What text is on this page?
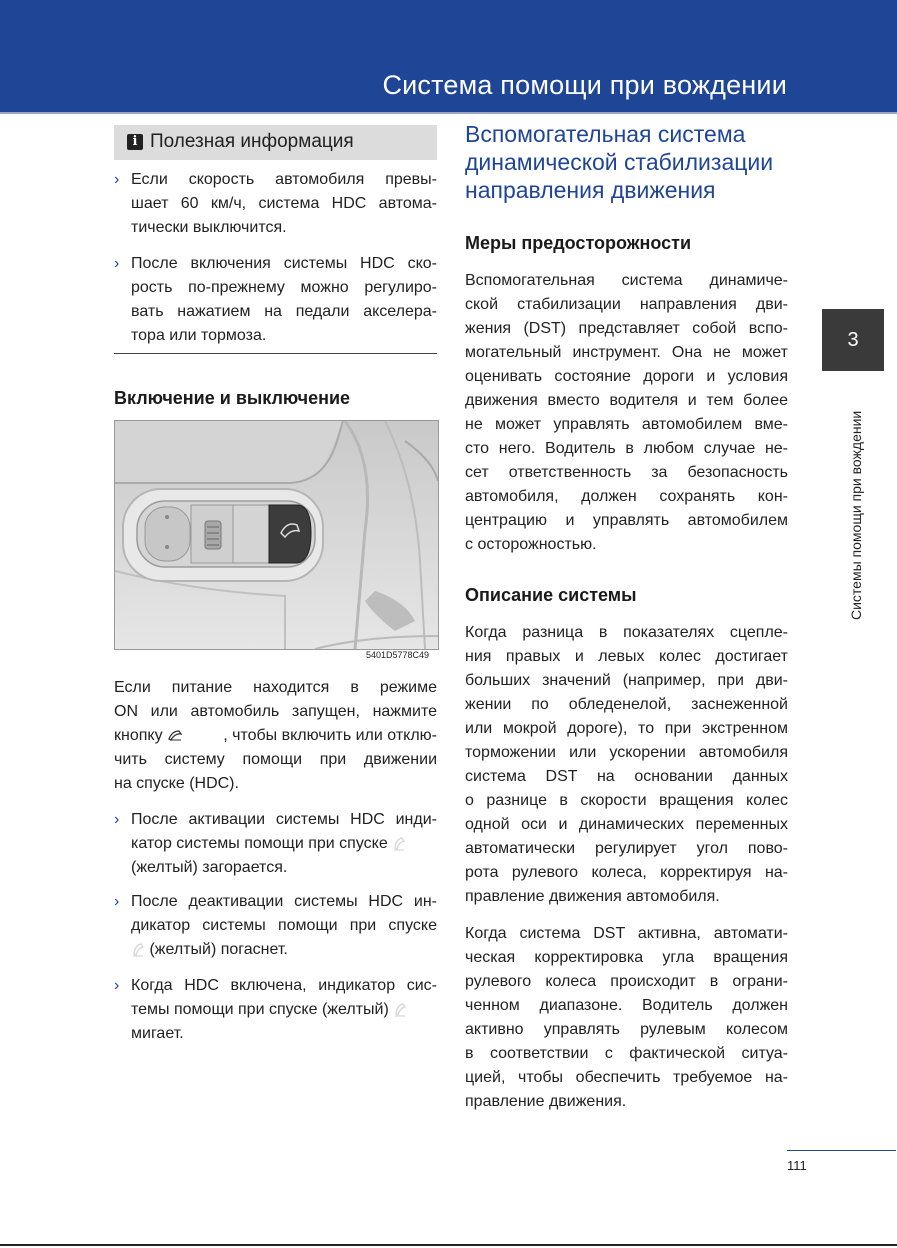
Система помощи при вождении
i Полезная информация
› Если скорость автомобиля превы-
шает 60 км/ч, система HDC автома-
тически выключится.
› После включения системы HDC ско-
рость по-прежнему можно регулиро-
вать нажатием на педали акселера-
тора или тормоза.
Включение и выключение
5401D5778C49
Если питание находится в режиме
ON или автомобиль запущен, нажмите
кнопку	, чтобы включить или отклю-
чить систему помощи при движении
на спуске (HDC).
› После активации системы HDC инди-
катор системы помощи при спуске
(желтый) загорается.
› После деактивации системы HDC ин-
дикатор системы помощи при спуске
(желтый) погаснет.
› Когда HDC включена, индикатор сис-
темы помощи при спуске (желтый)
мигает.
Вспомогательная система
динамической стабилизации
направления движения
Меры предосторожности
Вспомогательная система динамиче-
ской стабилизации направления дви-
жения (DST) представляет собой вспо-
могательный инструмент. Она не может
оценивать состояние дороги и условия
движения вместо водителя и тем более
не может управлять автомобилем вме-
сто него. Водитель в любом случае не-
сет ответственность за безопасность
автомобиля, должен сохранять кон-
центрацию и управлять автомобилем
с осторожностью.
Описание системы
Когда разница в показателях сцепле-
ния правых и левых колес достигает
больших значений (например, при дви-
жении по обледенелой, заснеженной
или мокрой дороге), то при экстренном
торможении или ускорении автомобиля
система DST на основании данных
о разнице в скорости вращения колес
одной оси и динамических переменных
автоматически регулирует угол пово-
рота рулевого колеса, корректируя на-
правление движения автомобиля.
Когда система DST активна, автомати-
ческая корректировка угла вращения
рулевого колеса происходит в ограни-
ченном диапазоне. Водитель должен
активно управлять рулевым колесом
в соответствии с фактической ситуа-
цией, чтобы обеспечить требуемое на-
правление движения.
3
Системы помощи при вождении
111
